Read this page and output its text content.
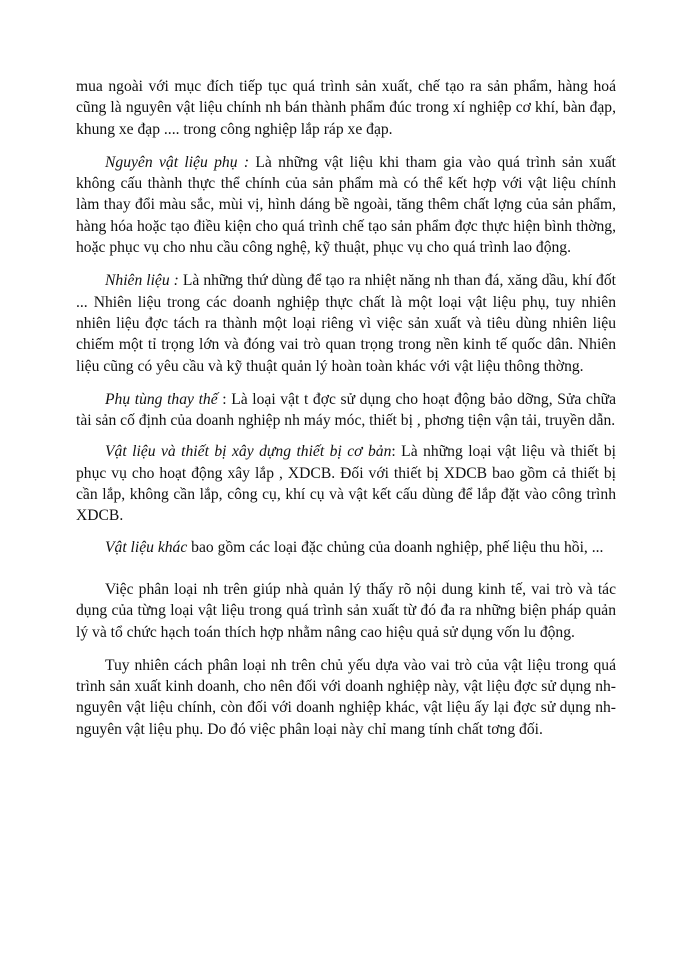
mua ngoài với mục đích tiếp tục quá trình sản xuất, chế tạo ra sản phẩm, hàng hoá cũng là nguyên vật liệu chính nh bán thành phẩm đúc trong xí nghiệp cơ khí, bàn đạp, khung xe đạp .... trong công nghiệp lắp ráp xe đạp.

Nguyên vật liệu phụ : Là những vật liệu khi tham gia vào quá trình sản xuất không cấu thành thực thể chính của sản phẩm mà có thể kết hợp với vật liệu chính làm thay đổi màu sắc, mùi vị, hình dáng bề ngoài, tăng thêm chất lợng của sản phẩm, hàng hóa hoặc tạo điều kiện cho quá trình chế tạo sản phẩm đợc thực hiện bình thờng, hoặc phục vụ cho nhu cầu công nghệ, kỹ thuật, phục vụ cho quá trình lao động.

Nhiên liệu : Là những thứ dùng để tạo ra nhiệt năng nh than đá, xăng dầu, khí đốt ... Nhiên liệu trong các doanh nghiệp thực chất là một loại vật liệu phụ, tuy nhiên nhiên liệu đợc tách ra thành một loại riêng vì việc sản xuất và tiêu dùng nhiên liệu chiếm một tỉ trọng lớn và đóng vai trò quan trọng trong nền kinh tế quốc dân. Nhiên liệu cũng có yêu cầu và kỹ thuật quản lý hoàn toàn khác với vật liệu thông thờng.

Phụ tùng thay thế : Là loại vật t đợc sử dụng cho hoạt động bảo dỡng, Sửa chữa tài sản cố định của doanh nghiệp nh máy móc, thiết bị , phơng tiện vận tải, truyền dẫn.

Vật liệu và thiết bị xây dựng thiết bị cơ bản: Là những loại vật liệu và thiết bị phục vụ cho hoạt động xây lắp , XDCB. Đối với thiết bị XDCB bao gồm cả thiết bị cần lắp, không cần lắp, công cụ, khí cụ và vật kết cấu dùng để lắp đặt vào công trình XDCB.

Vật liệu khác bao gồm các loại đặc chủng của doanh nghiệp, phế liệu thu hồi, ...

Việc phân loại nh trên giúp nhà quản lý thấy rõ nội dung kinh tế, vai trò và tác dụng của từng loại vật liệu trong quá trình sản xuất từ đó đa ra những biện pháp quản lý và tổ chức hạch toán thích hợp nhằm nâng cao hiệu quả sử dụng vốn lu động.

Tuy nhiên cách phân loại nh trên chủ yếu dựa vào vai trò của vật liệu trong quá trình sản xuất kinh doanh, cho nên đối với doanh nghiệp này, vật liệu đợc sử dụng nh nguyên vật liệu chính, còn đối với doanh nghiệp khác, vật liệu ấy lại đợc sử dụng nh nguyên vật liệu phụ. Do đó việc phân loại này chỉ mang tính chất tơng đối.
